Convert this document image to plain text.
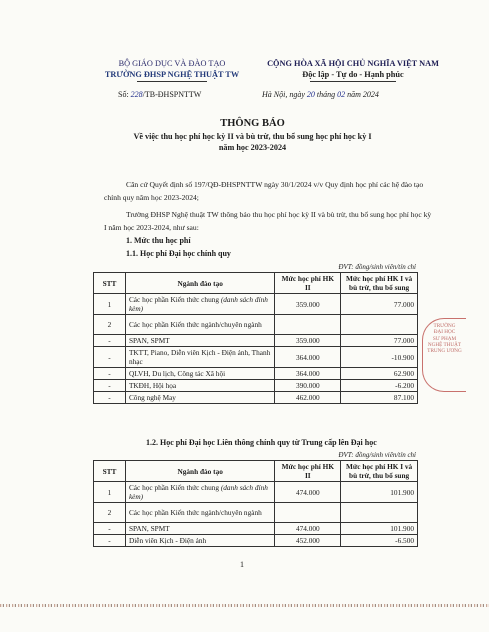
BỘ GIÁO DỤC VÀ ĐÀO TẠO
TRƯỜNG ĐHSP NGHỆ THUẬT TW
CỘNG HÒA XÃ HỘI CHỦ NGHĨA VIỆT NAM
Độc lập - Tự do - Hạnh phúc
Số: 228/TB-ĐHSPNTTW	Hà Nội, ngày 20 tháng 02 năm 2024
THÔNG BÁO
Về việc thu học phí học kỳ II và bù trừ, thu bổ sung học phí học kỳ I
năm học 2023-2024
Căn cứ Quyết định số 197/QĐ-ĐHSPNTTW ngày 30/1/2024 v/v Quy định học phí các hệ đào tạo chính quy năm học 2023-2024;
Trường ĐHSP Nghệ thuật TW thông báo thu học phí học kỳ II và bù trừ, thu bổ sung học phí học kỳ I năm học 2023-2024, như sau:
1. Mức thu học phí
1.1. Học phí Đại học chính quy
ĐVT: đồng/sinh viên/tín chỉ
STT	Ngành đào tạo	Mức học phí HK II	Mức học phí HK I và bù trừ, thu bổ sung
1	Các học phần Kiến thức chung (danh sách đính kèm)	359.000	77.000
2	Các học phần Kiến thức ngành/chuyên ngành		
-	SPAN, SPMT	359.000	77.000
-	TKTT, Piano, Diễn viên Kịch - Điện ảnh, Thanh nhạc	364.000	-10.900
-	QLVH, Du lịch, Công tác Xã hội	364.000	62.900
-	TKĐH, Hội họa	390.000	-6.200
-	Công nghệ May	462.000	87.100
1.2. Học phí Đại học Liên thông chính quy từ Trung cấp lên Đại học
ĐVT: đồng/sinh viên/tín chỉ
STT	Ngành đào tạo	Mức học phí HK II	Mức học phí HK I và bù trừ, thu bổ sung
1	Các học phần Kiến thức chung (danh sách đính kèm)	474.000	101.900
2	Các học phần Kiến thức ngành/chuyên ngành		
-	SPAN, SPMT	474.000	101.900
-	Diễn viên Kịch - Điện ảnh	452.000	-6.500
TRƯỜNG
ĐẠI HỌC
SƯ PHẠM
NGHỆ THUẬT
TRUNG ƯƠNG
1
